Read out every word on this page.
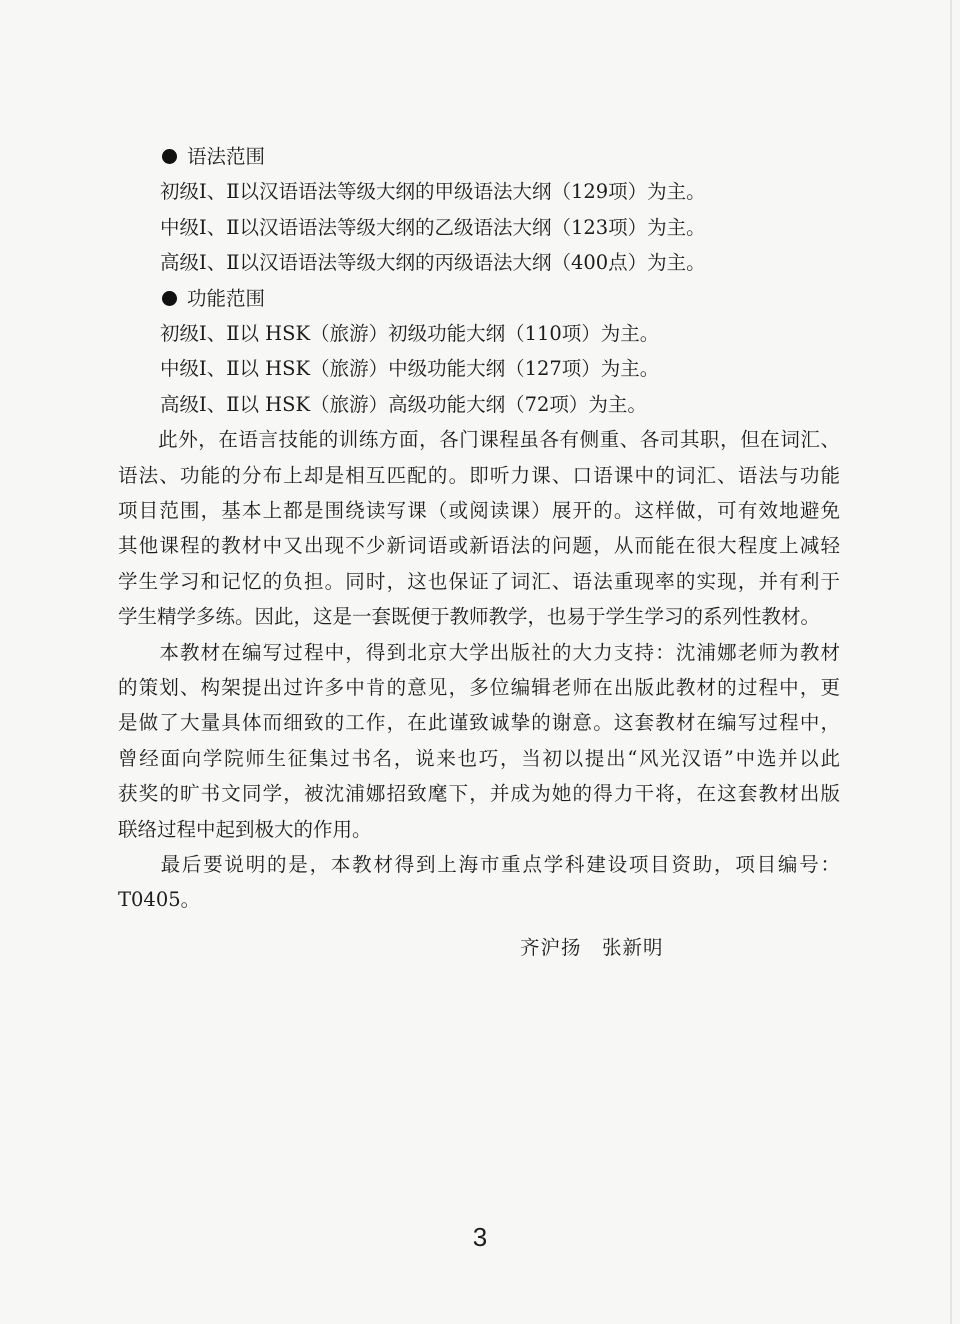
语法范围
初级Ⅰ、Ⅱ以汉语语法等级大纲的甲级语法大纲（129项）为主。
中级Ⅰ、Ⅱ以汉语语法等级大纲的乙级语法大纲（123项）为主。
高级Ⅰ、Ⅱ以汉语语法等级大纲的丙级语法大纲（400点）为主。
功能范围
初级Ⅰ、Ⅱ以 HSK（旅游）初级功能大纲（110项）为主。
中级Ⅰ、Ⅱ以 HSK（旅游）中级功能大纲（127项）为主。
高级Ⅰ、Ⅱ以 HSK（旅游）高级功能大纲（72项）为主。
　　此外，在语言技能的训练方面，各门课程虽各有侧重、各司其职，但在词汇、
语法、功能的分布上却是相互匹配的。即听力课、口语课中的词汇、语法与功能
项目范围，基本上都是围绕读写课（或阅读课）展开的。这样做，可有效地避免
其他课程的教材中又出现不少新词语或新语法的问题，从而能在很大程度上减轻
学生学习和记忆的负担。同时，这也保证了词汇、语法重现率的实现，并有利于
学生精学多练。因此，这是一套既便于教师教学，也易于学生学习的系列性教材。
　　本教材在编写过程中，得到北京大学出版社的大力支持：沈浦娜老师为教材
的策划、构架提出过许多中肯的意见，多位编辑老师在出版此教材的过程中，更
是做了大量具体而细致的工作，在此谨致诚挚的谢意。这套教材在编写过程中，
曾经面向学院师生征集过书名，说来也巧，当初以提出“风光汉语”中选并以此
获奖的旷书文同学，被沈浦娜招致麾下，并成为她的得力干将，在这套教材出版
联络过程中起到极大的作用。
　　最后要说明的是，本教材得到上海市重点学科建设项目资助，项目编号：
T0405。
齐沪扬　张新明
3
